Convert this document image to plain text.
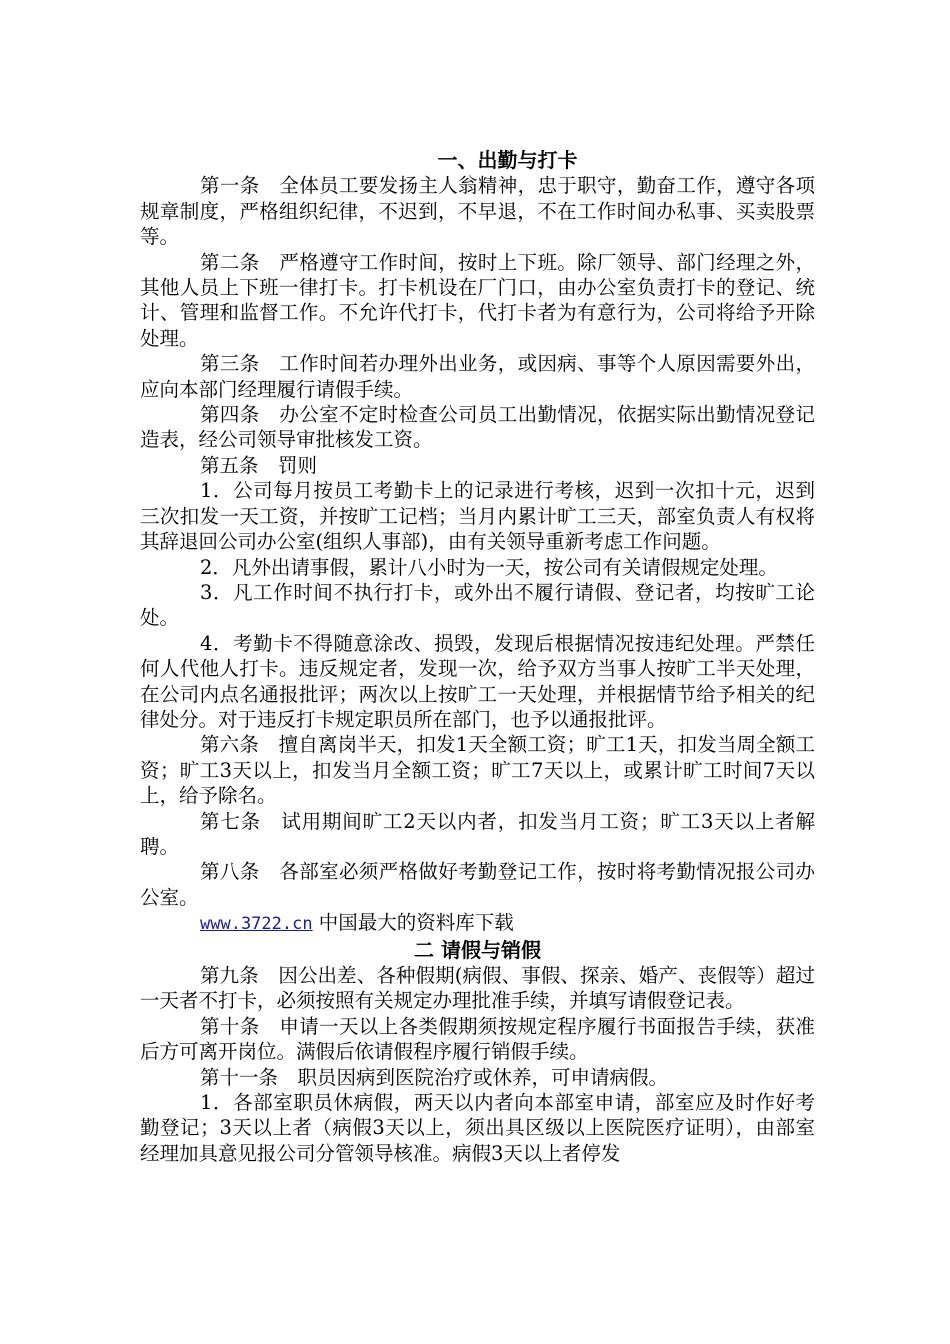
一、出勤与打卡

第一条　全体员工要发扬主人翁精神，忠于职守，勤奋工作，遵守各项规章制度，严格组织纪律，不迟到，不早退，不在工作时间办私事、买卖股票等。

第二条　严格遵守工作时间，按时上下班。除厂领导、部门经理之外，其他人员上下班一律打卡。打卡机设在厂门口，由办公室负责打卡的登记、统计、管理和监督工作。不允许代打卡，代打卡者为有意行为，公司将给予开除处理。

第三条　工作时间若办理外出业务，或因病、事等个人原因需要外出，应向本部门经理履行请假手续。

第四条　办公室不定时检查公司员工出勤情况，依据实际出勤情况登记造表，经公司领导审批核发工资。

第五条　罚则

1．公司每月按员工考勤卡上的记录进行考核，迟到一次扣十元，迟到三次扣发一天工资，并按旷工记档；当月内累计旷工三天，部室负责人有权将其辞退回公司办公室(组织人事部)，由有关领导重新考虑工作问题。

2．凡外出请事假，累计八小时为一天，按公司有关请假规定处理。

3．凡工作时间不执行打卡，或外出不履行请假、登记者，均按旷工论处。

4．考勤卡不得随意涂改、损毁，发现后根据情况按违纪处理。严禁任何人代他人打卡。违反规定者，发现一次，给予双方当事人按旷工半天处理，在公司内点名通报批评；两次以上按旷工一天处理，并根据情节给予相关的纪律处分。对于违反打卡规定职员所在部门，也予以通报批评。

第六条　擅自离岗半天，扣发1天全额工资；旷工1天，扣发当周全额工资；旷工3天以上，扣发当月全额工资；旷工7天以上，或累计旷工时间7天以上，给予除名。

第七条　试用期间旷工2天以内者，扣发当月工资；旷工3天以上者解聘。

第八条　各部室必须严格做好考勤登记工作，按时将考勤情况报公司办公室。

www.3722.cn 中国最大的资料库下载

二 请假与销假

第九条　因公出差、各种假期(病假、事假、探亲、婚产、丧假等）超过一天者不打卡，必须按照有关规定办理批准手续，并填写请假登记表。

第十条　申请一天以上各类假期须按规定程序履行书面报告手续，获准后方可离开岗位。满假后依请假程序履行销假手续。

第十一条　职员因病到医院治疗或休养，可申请病假。

1．各部室职员休病假，两天以内者向本部室申请，部室应及时作好考勤登记；3天以上者（病假3天以上，须出具区级以上医院医疗证明），由部室经理加具意见报公司分管领导核准。病假3天以上者停发
